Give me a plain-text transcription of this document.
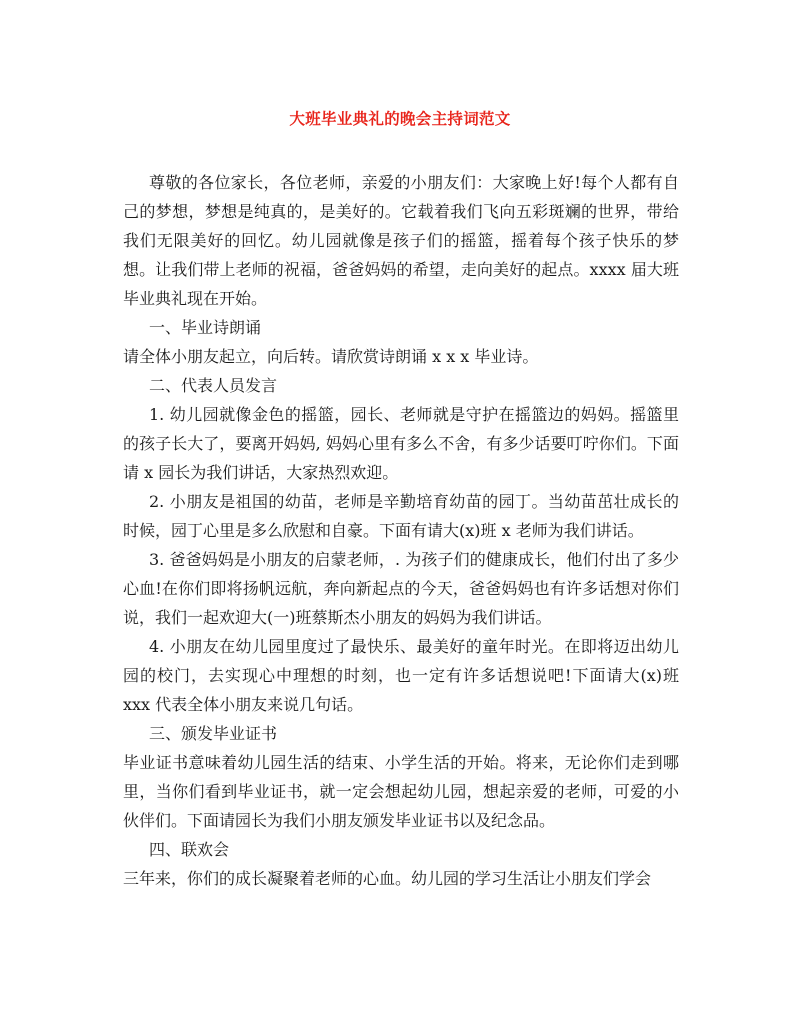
大班毕业典礼的晚会主持词范文

尊敬的各位家长，各位老师，亲爱的小朋友们：大家晚上好!每个人都有自己的梦想，梦想是纯真的，是美好的。它载着我们飞向五彩斑斓的世界，带给我们无限美好的回忆。幼儿园就像是孩子们的摇篮，摇着每个孩子快乐的梦想。让我们带上老师的祝福，爸爸妈妈的希望，走向美好的起点。xxxx 届大班毕业典礼现在开始。

一、毕业诗朗诵

请全体小朋友起立，向后转。请欣赏诗朗诵 x x x 毕业诗。

二、代表人员发言

1. 幼儿园就像金色的摇篮，园长、老师就是守护在摇篮边的妈妈。摇篮里的孩子长大了，要离开妈妈, 妈妈心里有多么不舍，有多少话要叮咛你们。下面请 x 园长为我们讲话，大家热烈欢迎。

2. 小朋友是祖国的幼苗，老师是辛勤培育幼苗的园丁。当幼苗茁壮成长的时候，园丁心里是多么欣慰和自豪。下面有请大(x)班 x 老师为我们讲话。

3. 爸爸妈妈是小朋友的启蒙老师，. 为孩子们的健康成长，他们付出了多少心血!在你们即将扬帆远航，奔向新起点的今天，爸爸妈妈也有许多话想对你们说，我们一起欢迎大(一)班蔡斯杰小朋友的妈妈为我们讲话。

4. 小朋友在幼儿园里度过了最快乐、最美好的童年时光。在即将迈出幼儿园的校门，去实现心中理想的时刻，也一定有许多话想说吧!下面请大(x)班 xxx 代表全体小朋友来说几句话。

三、颁发毕业证书

毕业证书意味着幼儿园生活的结束、小学生活的开始。将来，无论你们走到哪里，当你们看到毕业证书，就一定会想起幼儿园，想起亲爱的老师，可爱的小伙伴们。下面请园长为我们小朋友颁发毕业证书以及纪念品。

四、联欢会

三年来，你们的成长凝聚着老师的心血。幼儿园的学习生活让小朋友们学会
